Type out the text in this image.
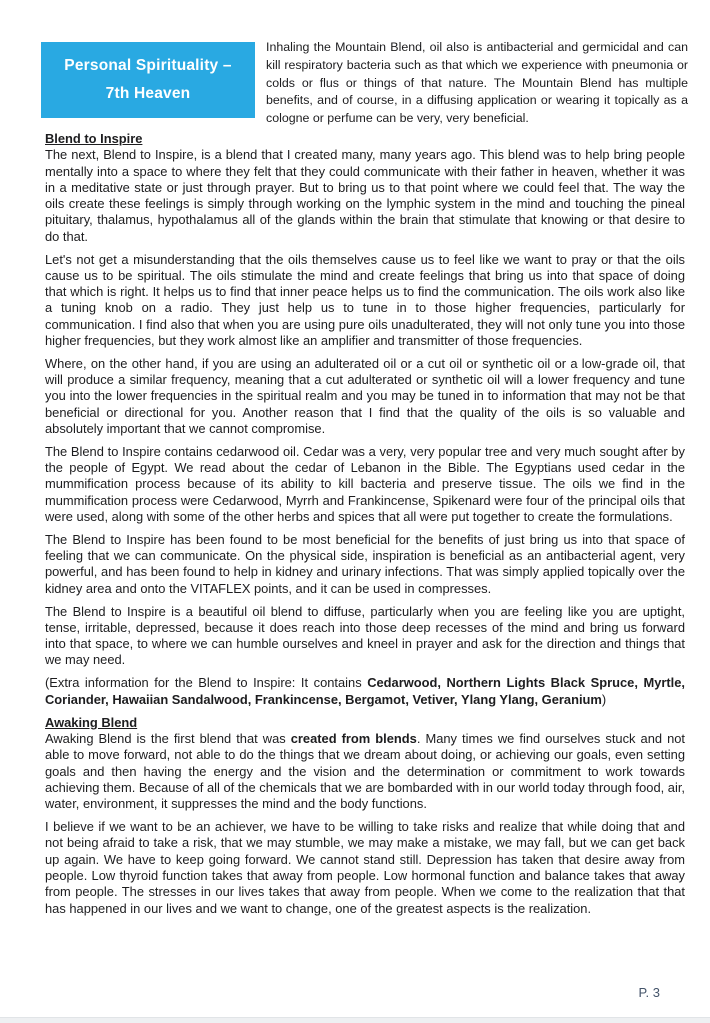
Personal Spirituality –
7th Heaven

Inhaling the Mountain Blend, oil also is antibacterial and germicidal and can kill respiratory bacteria such as that which we experience with pneumonia or colds or flus or things of that nature. The Mountain Blend has multiple benefits, and of course, in a diffusing application or wearing it topically as a cologne or perfume can be very, very beneficial.

Blend to Inspire

The next, Blend to Inspire, is a blend that I created many, many years ago. This blend was to help bring people mentally into a space to where they felt that they could communicate with their father in heaven, whether it was in a meditative state or just through prayer. But to bring us to that point where we could feel that. The way the oils create these feelings is simply through working on the lymphic system in the mind and touching the pineal pituitary, thalamus, hypothalamus all of the glands within the brain that stimulate that knowing or that desire to do that.

Let's not get a misunderstanding that the oils themselves cause us to feel like we want to pray or that the oils cause us to be spiritual. The oils stimulate the mind and create feelings that bring us into that space of doing that which is right. It helps us to find that inner peace helps us to find the communication. The oils work also like a tuning knob on a radio. They just help us to tune in to those higher frequencies, particularly for communication. I find also that when you are using pure oils unadulterated, they will not only tune you into those higher frequencies, but they work almost like an amplifier and transmitter of those frequencies.

Where, on the other hand, if you are using an adulterated oil or a cut oil or synthetic oil or a low-grade oil, that will produce a similar frequency, meaning that a cut adulterated or synthetic oil will a lower frequency and tune you into the lower frequencies in the spiritual realm and you may be tuned in to information that may not be that beneficial or directional for you. Another reason that I find that the quality of the oils is so valuable and absolutely important that we cannot compromise.

The Blend to Inspire contains cedarwood oil. Cedar was a very, very popular tree and very much sought after by the people of Egypt. We read about the cedar of Lebanon in the Bible. The Egyptians used cedar in the mummification process because of its ability to kill bacteria and preserve tissue. The oils we find in the mummification process were Cedarwood, Myrrh and Frankincense, Spikenard were four of the principal oils that were used, along with some of the other herbs and spices that all were put together to create the formulations.

The Blend to Inspire has been found to be most beneficial for the benefits of just bring us into that space of feeling that we can communicate. On the physical side, inspiration is beneficial as an antibacterial agent, very powerful, and has been found to help in kidney and urinary infections. That was simply applied topically over the kidney area and onto the VITAFLEX points, and it can be used in compresses.

The Blend to Inspire is a beautiful oil blend to diffuse, particularly when you are feeling like you are uptight, tense, irritable, depressed, because it does reach into those deep recesses of the mind and bring us forward into that space, to where we can humble ourselves and kneel in prayer and ask for the direction and things that we may need.

(Extra information for the Blend to Inspire: It contains Cedarwood, Northern Lights Black Spruce, Myrtle, Coriander, Hawaiian Sandalwood, Frankincense, Bergamot, Vetiver, Ylang Ylang, Geranium)

Awaking Blend

Awaking Blend is the first blend that was created from blends. Many times we find ourselves stuck and not able to move forward, not able to do the things that we dream about doing, or achieving our goals, even setting goals and then having the energy and the vision and the determination or commitment to work towards achieving them. Because of all of the chemicals that we are bombarded with in our world today through food, air, water, environment, it suppresses the mind and the body functions.

I believe if we want to be an achiever, we have to be willing to take risks and realize that while doing that and not being afraid to take a risk, that we may stumble, we may make a mistake, we may fall, but we can get back up again. We have to keep going forward. We cannot stand still. Depression has taken that desire away from people. Low thyroid function takes that away from people. Low hormonal function and balance takes that away from people. The stresses in our lives takes that away from people. When we come to the realization that that has happened in our lives and we want to change, one of the greatest aspects is the realization.

P. 3
